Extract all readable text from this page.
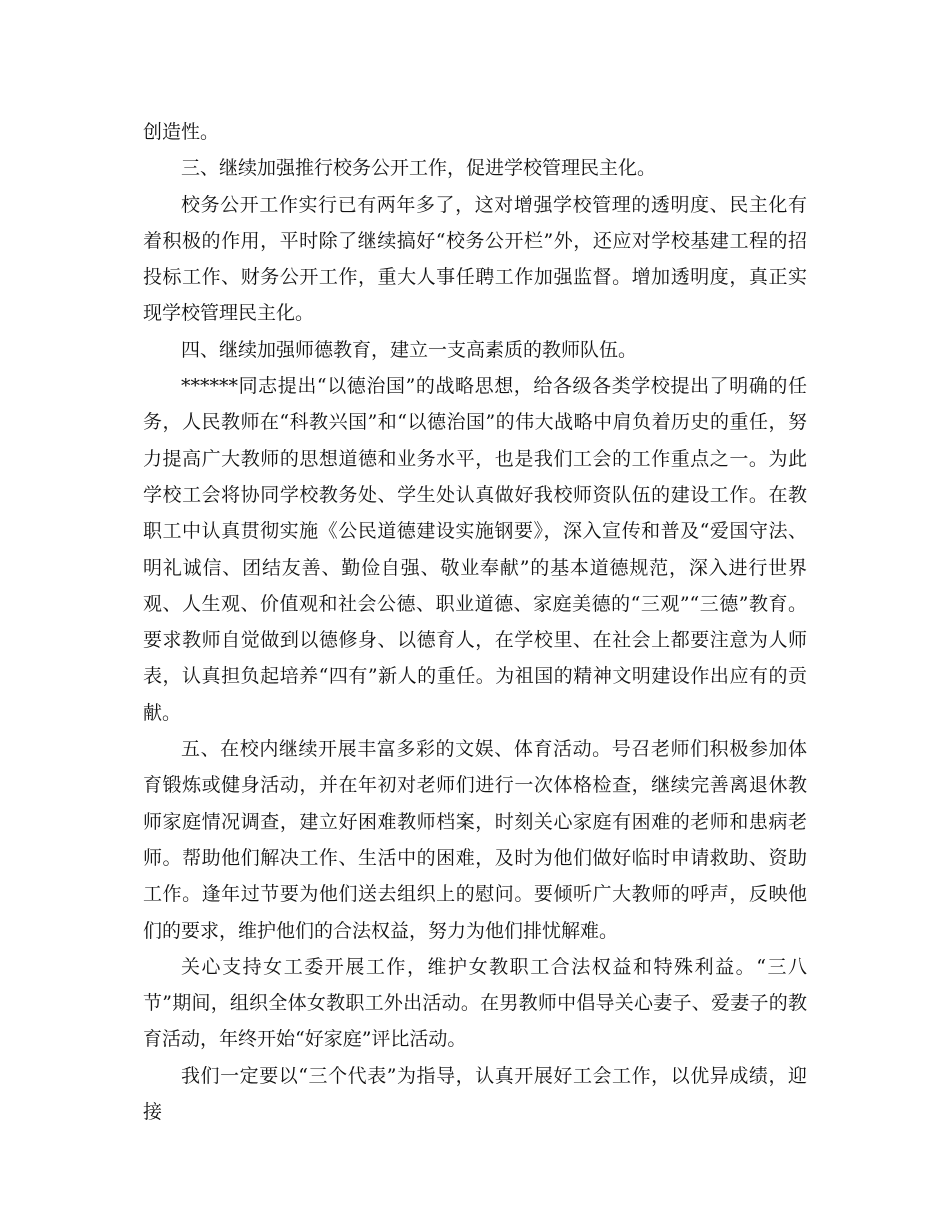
创造性。

三、继续加强推行校务公开工作，促进学校管理民主化。

校务公开工作实行已有两年多了，这对增强学校管理的透明度、民主化有着积极的作用，平时除了继续搞好“校务公开栏”外，还应对学校基建工程的招投标工作、财务公开工作，重大人事任聘工作加强监督。增加透明度，真正实现学校管理民主化。

四、继续加强师德教育，建立一支高素质的教师队伍。

******同志提出“以德治国”的战略思想，给各级各类学校提出了明确的任务，人民教师在“科教兴国”和“以德治国”的伟大战略中肩负着历史的重任，努力提高广大教师的思想道德和业务水平，也是我们工会的工作重点之一。为此学校工会将协同学校教务处、学生处认真做好我校师资队伍的建设工作。在教职工中认真贯彻实施《公民道德建设实施钢要》，深入宣传和普及“爱国守法、明礼诚信、团结友善、勤俭自强、敬业奉献”的基本道德规范，深入进行世界观、人生观、价值观和社会公德、职业道德、家庭美德的“三观”“三德”教育。要求教师自觉做到以德修身、以德育人，在学校里、在社会上都要注意为人师表，认真担负起培养“四有”新人的重任。为祖国的精神文明建设作出应有的贡献。

五、在校内继续开展丰富多彩的文娱、体育活动。号召老师们积极参加体育锻炼或健身活动，并在年初对老师们进行一次体格检查，继续完善离退休教师家庭情况调查，建立好困难教师档案，时刻关心家庭有困难的老师和患病老师。帮助他们解决工作、生活中的困难，及时为他们做好临时申请救助、资助工作。逢年过节要为他们送去组织上的慰问。要倾听广大教师的呼声，反映他们的要求，维护他们的合法权益，努力为他们排忧解难。

关心支持女工委开展工作，维护女教职工合法权益和特殊利益。“三八节”期间，组织全体女教职工外出活动。在男教师中倡导关心妻子、爱妻子的教育活动，年终开始“好家庭”评比活动。

我们一定要以“三个代表”为指导，认真开展好工会工作，以优异成绩，迎接
